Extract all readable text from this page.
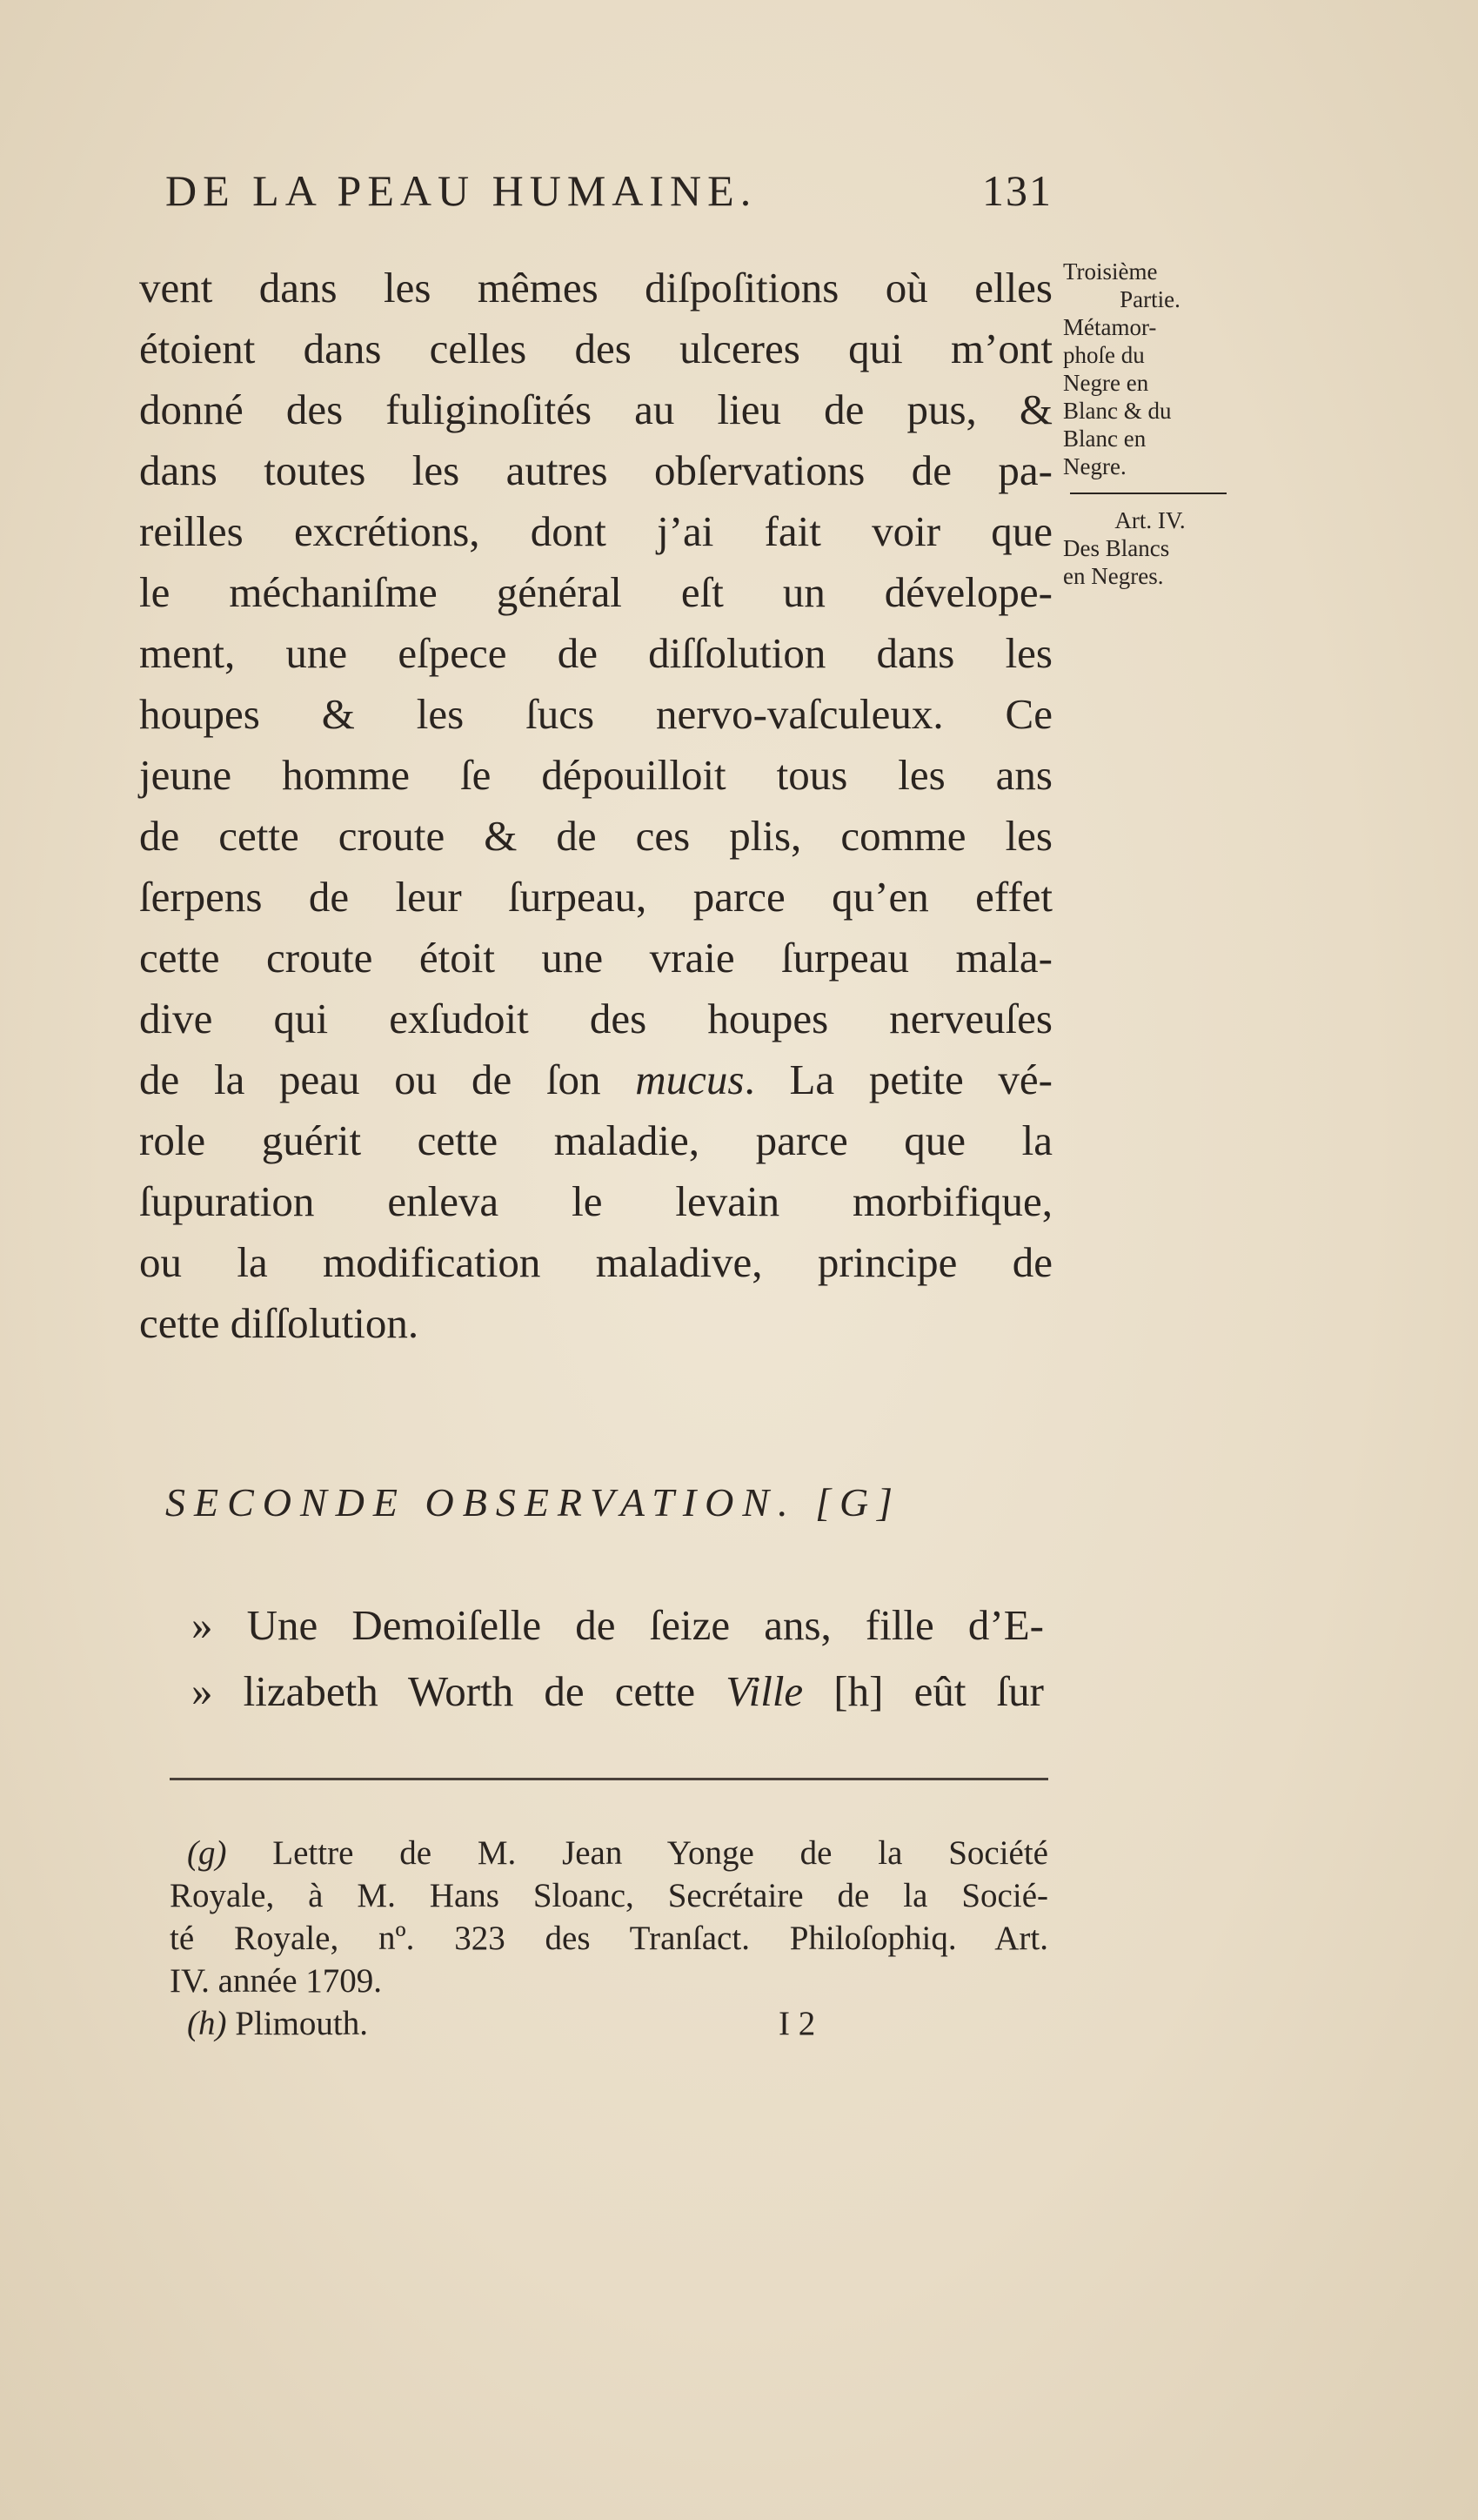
DE LA PEAU HUMAINE.	131
vent dans les mêmes diſpoſitions où elles
étoient dans celles des ulceres qui m’ont
donné des fuliginoſités au lieu de pus, &
dans toutes les autres obſervations de pa-
reilles excrétions, dont j’ai fait voir que
le méchaniſme général eſt un dévelope-
ment, une eſpece de diſſolution dans les
houpes & les ſucs nervo-vaſculeux. Ce
jeune homme ſe dépouilloit tous les ans
de cette croute & de ces plis, comme les
ſerpens de leur ſurpeau, parce qu’en effet
cette croute étoit une vraie ſurpeau mala-
dive qui exſudoit des houpes nerveuſes
de la peau ou de ſon mucus. La petite vé-
role guérit cette maladie, parce que la
ſupuration enleva le levain morbifique,
ou la modification maladive, principe de
cette diſſolution.
Troisième
Partie.
Métamor-
phoſe du
Negre en
Blanc & du
Blanc en
Negre.
Art. IV.
Des Blancs
en Negres.
SECONDE OBSERVATION. [G]
» Une Demoiſelle de ſeize ans, fille d’E-
» lizabeth Worth de cette Ville [h] eût ſur
(g) Lettre de M. Jean Yonge de la Société
Royale, à M. Hans Sloanc, Secrétaire de la Socié-
té Royale, nº. 323 des Tranſact. Philoſophiq. Art.
IV. année 1709.
(h) Plimouth.	I 2
